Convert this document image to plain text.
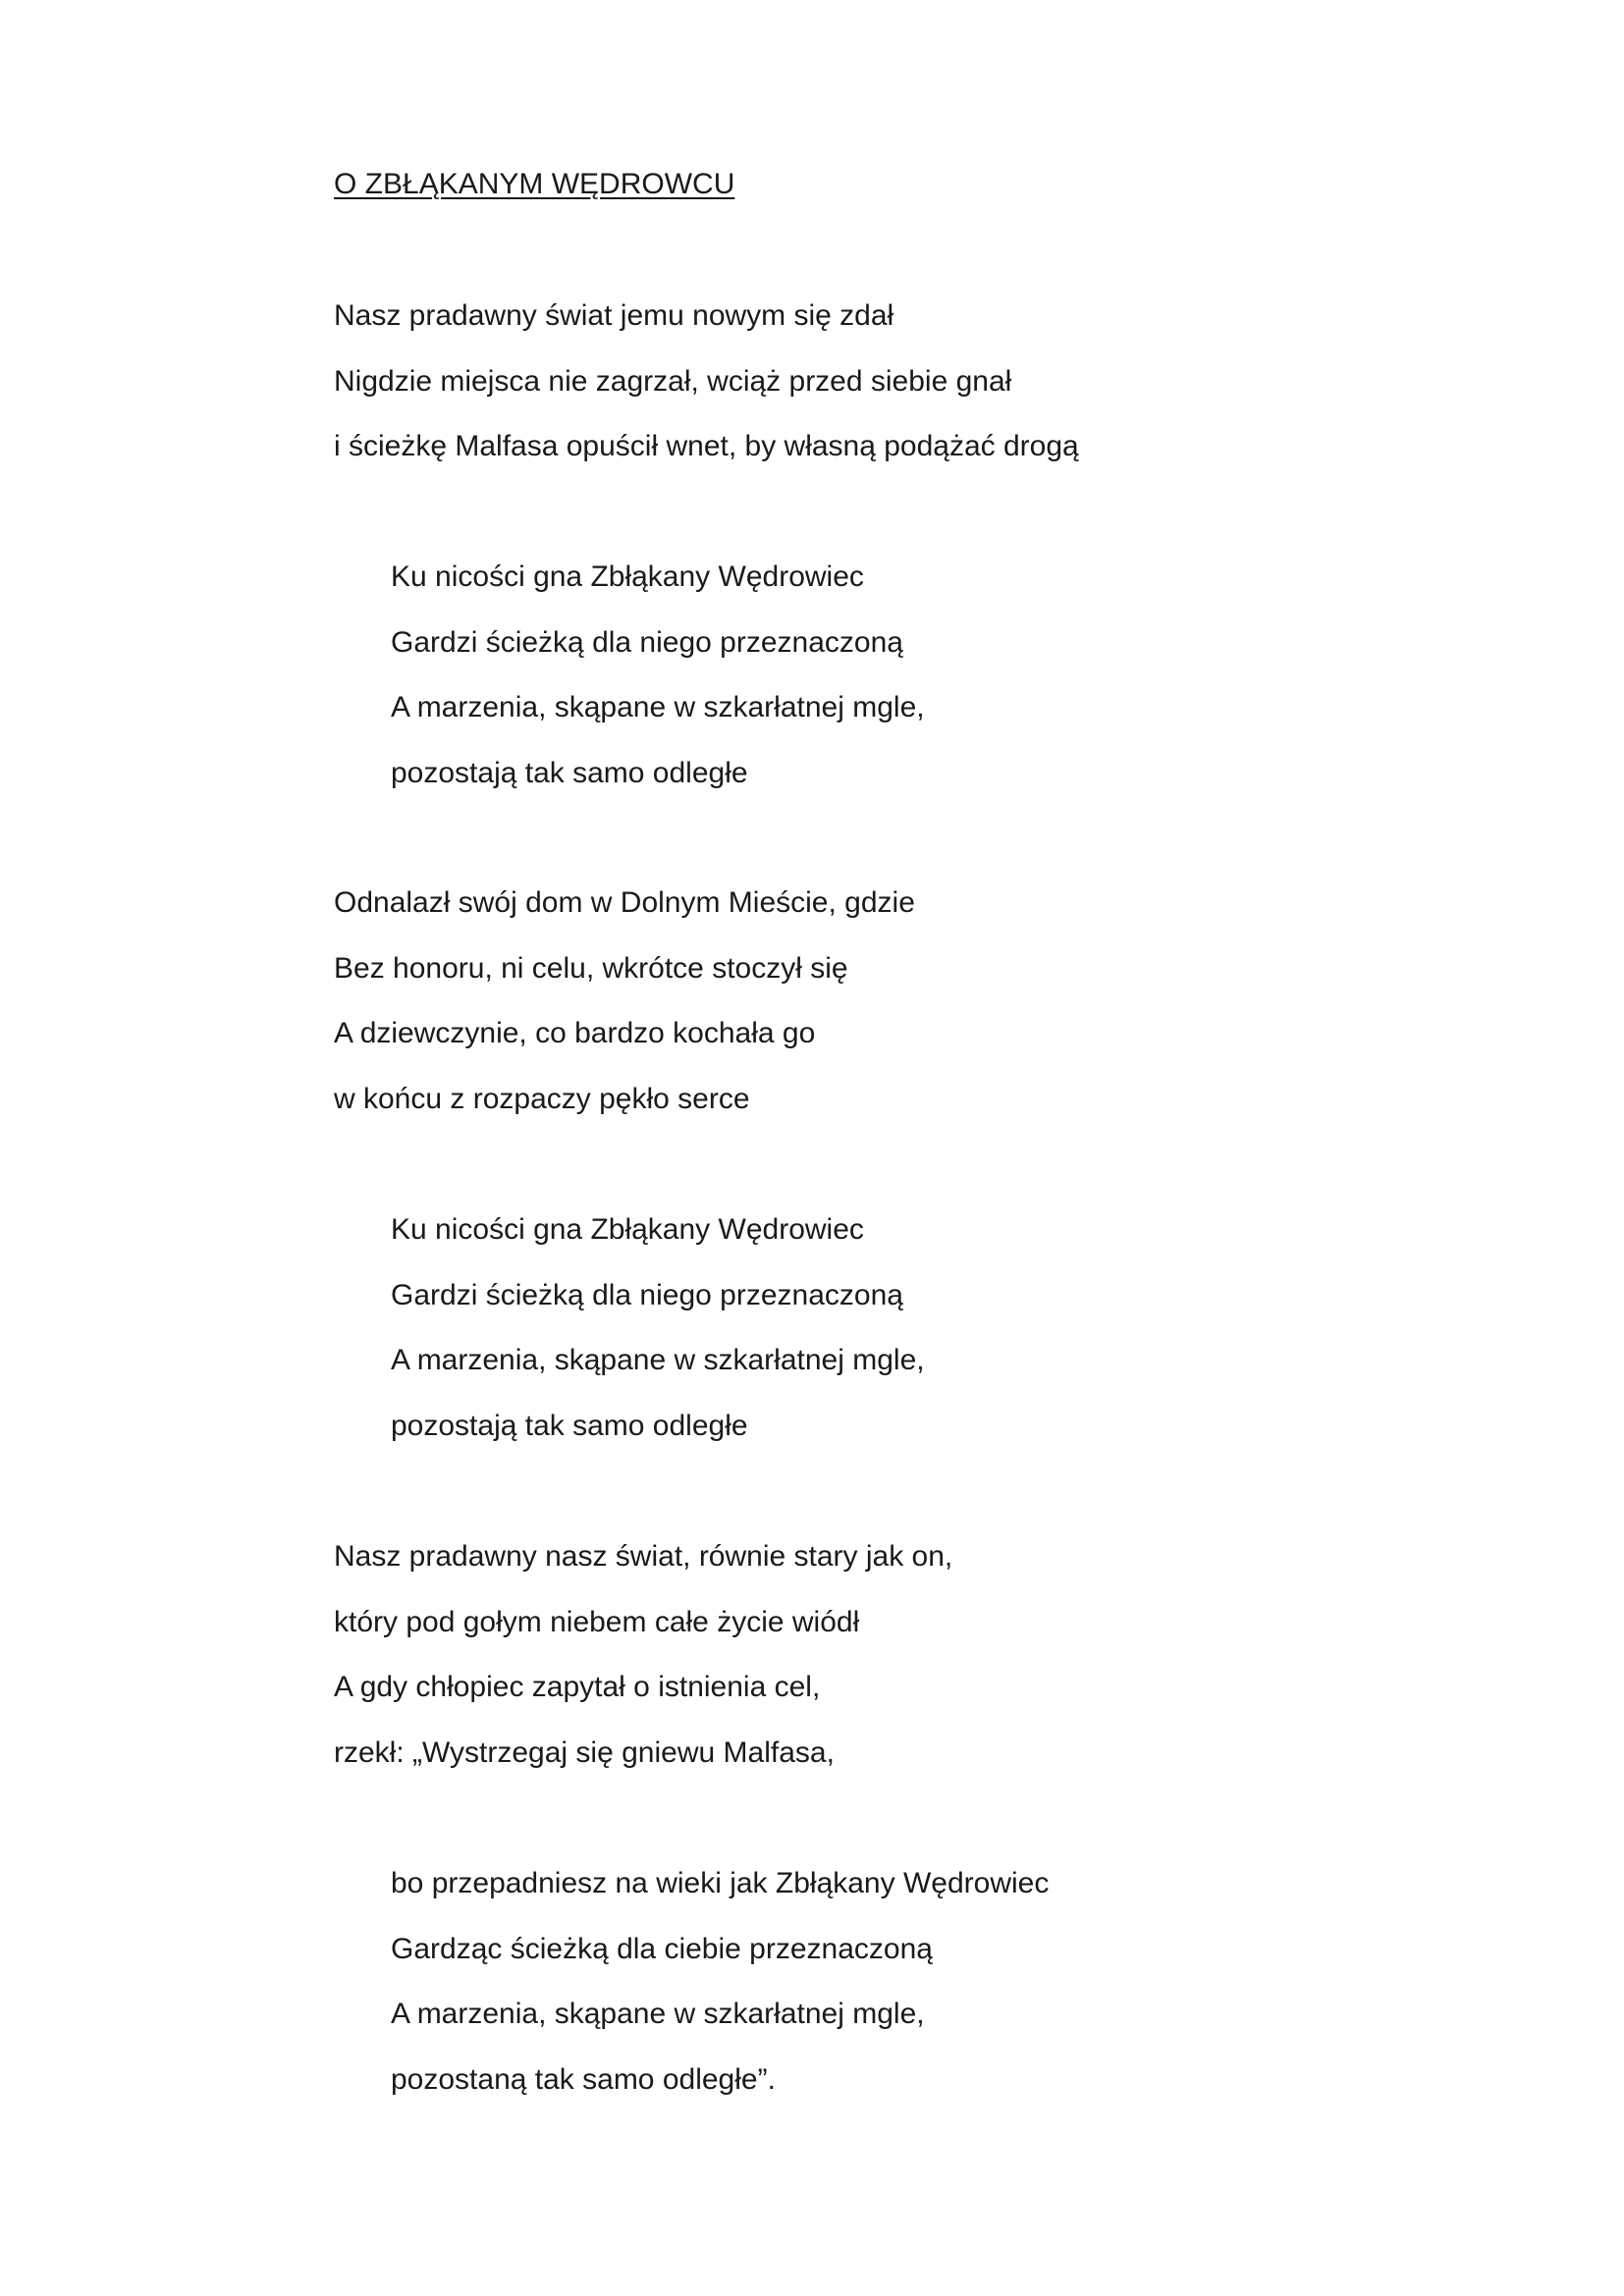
O ZBŁĄKANYM WĘDROWCU
Nasz pradawny świat jemu nowym się zdał
Nigdzie miejsca nie zagrzał, wciąż przed siebie gnał
i ścieżkę Malfasa opuścił wnet, by własną podążać drogą
Ku nicości gna Zbłąkany Wędrowiec
Gardzi ścieżką dla niego przeznaczoną
A marzenia, skąpane w szkarłatnej mgle,
pozostają tak samo odległe
Odnalazł swój dom w Dolnym Mieście, gdzie
Bez honoru, ni celu, wkrótce stoczył się
A dziewczynie, co bardzo kochała go
w końcu z rozpaczy pękło serce
Ku nicości gna Zbłąkany Wędrowiec
Gardzi ścieżką dla niego przeznaczoną
A marzenia, skąpane w szkarłatnej mgle,
pozostają tak samo odległe
Nasz pradawny nasz świat, równie stary jak on,
który pod gołym niebem całe życie wiódł
A gdy chłopiec zapytał o istnienia cel,
rzekł: „Wystrzegaj się gniewu Malfasa,
bo przepadniesz na wieki jak Zbłąkany Wędrowiec
Gardząc ścieżką dla ciebie przeznaczoną
A marzenia, skąpane w szkarłatnej mgle,
pozostaną tak samo odległe”.
